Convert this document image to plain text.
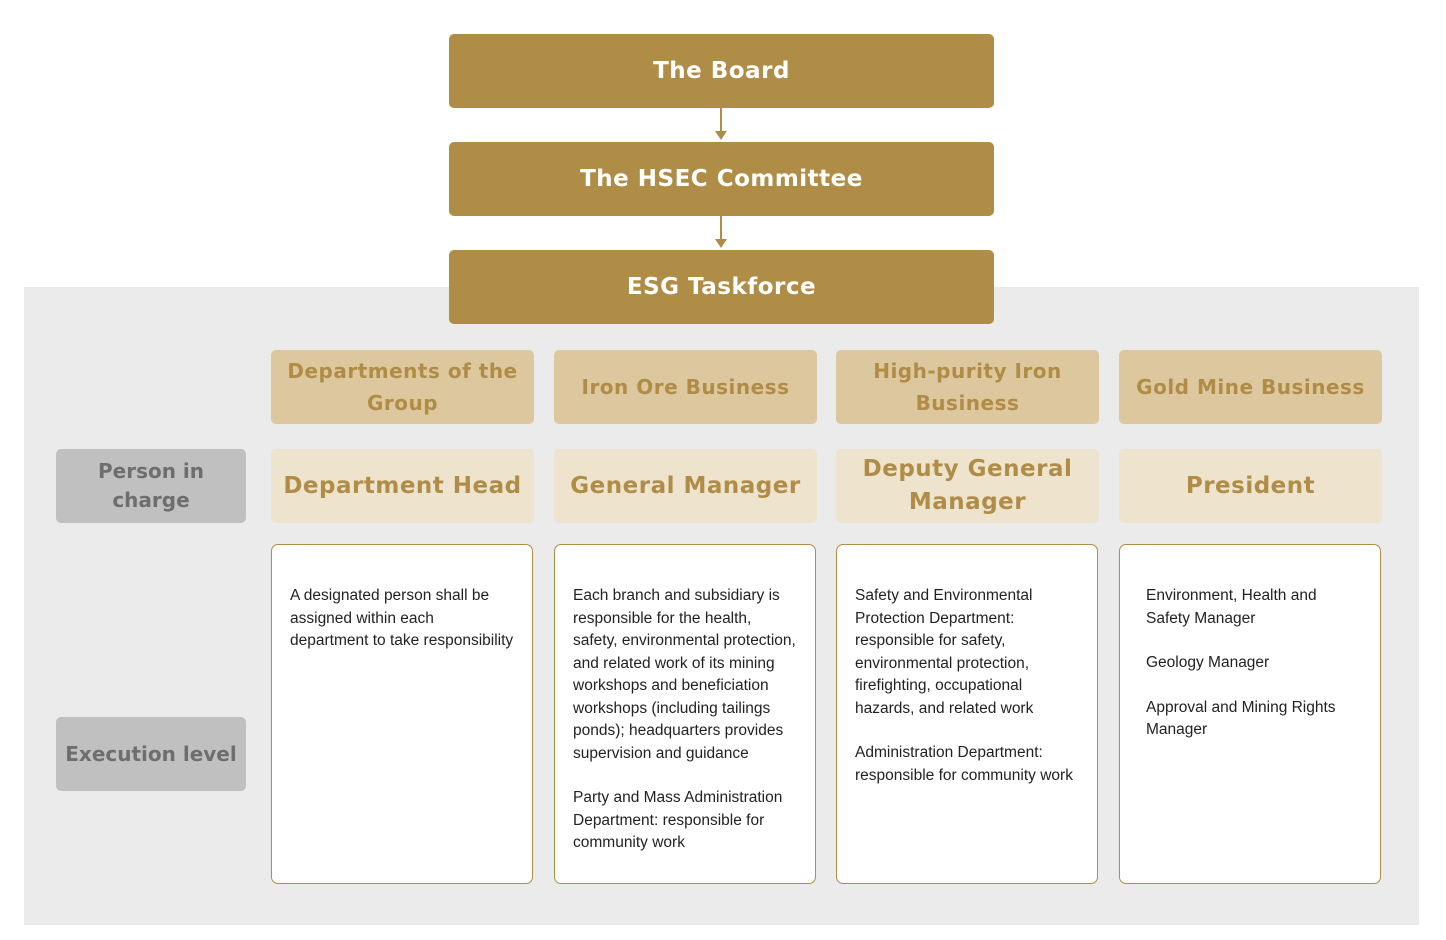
The Board
The HSEC Committee
ESG Taskforce
Person in charge
Execution level
Departments of the Group
Department Head

A designated person shall be assigned within each department to take responsibility

Iron Ore Business
General Manager

Each branch and subsidiary is responsible for the health, safety, environmental protection, and related work of its mining workshops and beneficiation workshops (including tailings ponds); headquarters provides supervision and guidance

Party and Mass Administration Department: responsible for community work

High-purity Iron Business
Deputy General Manager

Safety and Environmental Protection Department: responsible for safety, environmental protection, firefighting, occupational hazards, and related work

Administration Department: responsible for community work

Gold Mine Business
President

Environment, Health and Safety Manager

Geology Manager

Approval and Mining Rights Manager
